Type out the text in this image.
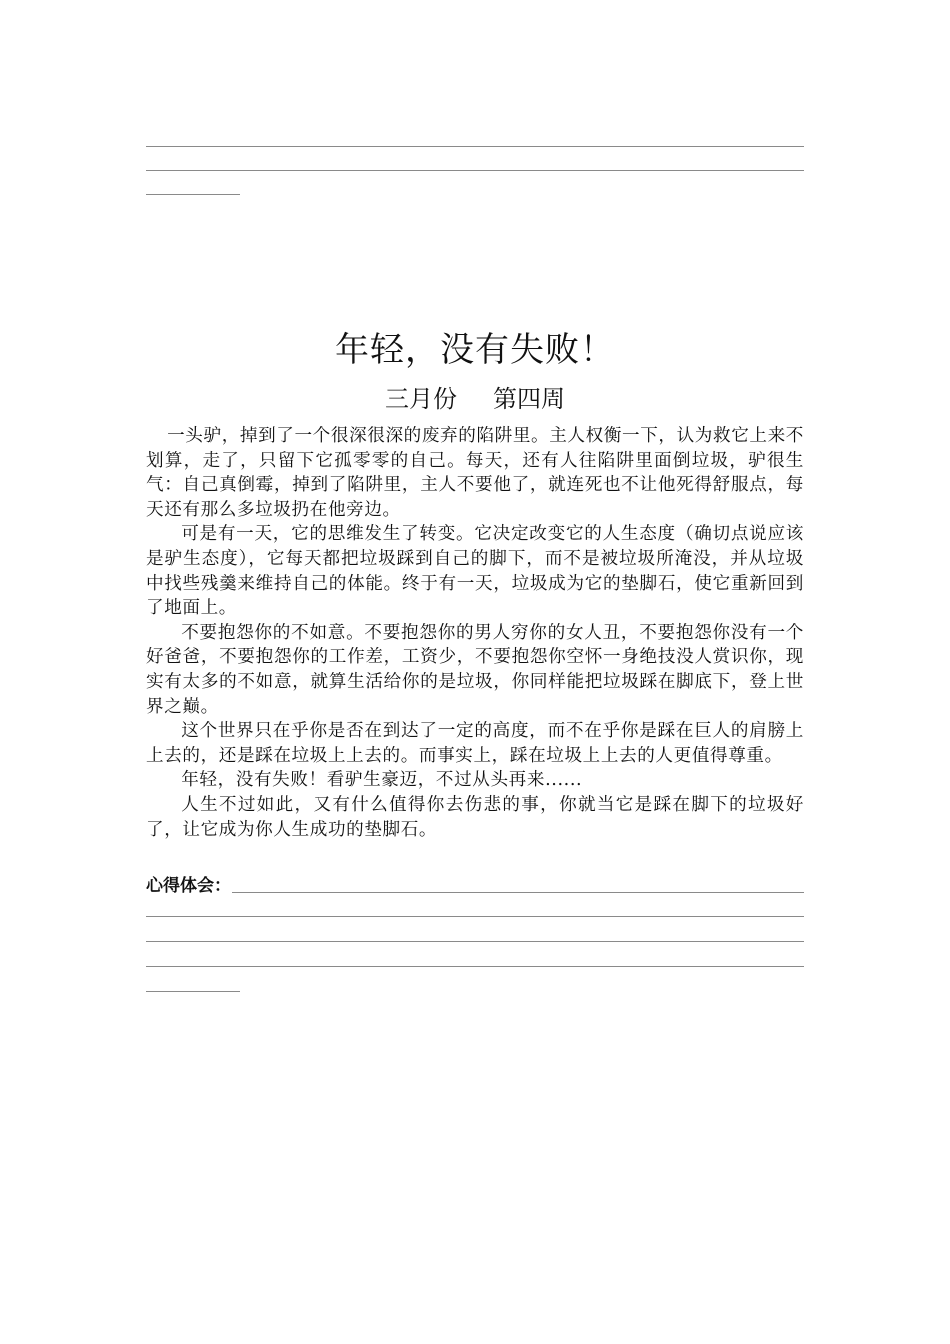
年轻，没有失败！
三月份 第四周

一头驴，掉到了一个很深很深的废弃的陷阱里。主人权衡一下，认为救它上来不划算，走了，只留下它孤零零的自己。每天，还有人往陷阱里面倒垃圾，驴很生气：自己真倒霉，掉到了陷阱里，主人不要他了，就连死也不让他死得舒服点，每天还有那么多垃圾扔在他旁边。

可是有一天，它的思维发生了转变。它决定改变它的人生态度（确切点说应该是驴生态度），它每天都把垃圾踩到自己的脚下，而不是被垃圾所淹没，并从垃圾中找些残羹来维持自己的体能。终于有一天，垃圾成为它的垫脚石，使它重新回到了地面上。

不要抱怨你的不如意。不要抱怨你的男人穷你的女人丑，不要抱怨你没有一个好爸爸，不要抱怨你的工作差，工资少，不要抱怨你空怀一身绝技没人赏识你，现实有太多的不如意，就算生活给你的是垃圾，你同样能把垃圾踩在脚底下，登上世界之巅。

这个世界只在乎你是否在到达了一定的高度，而不在乎你是踩在巨人的肩膀上上去的，还是踩在垃圾上上去的。而事实上，踩在垃圾上上去的人更值得尊重。

年轻，没有失败！看驴生豪迈，不过从头再来......

人生不过如此，又有什么值得你去伤悲的事，你就当它是踩在脚下的垃圾好了，让它成为你人生成功的垫脚石。

心得体会：
